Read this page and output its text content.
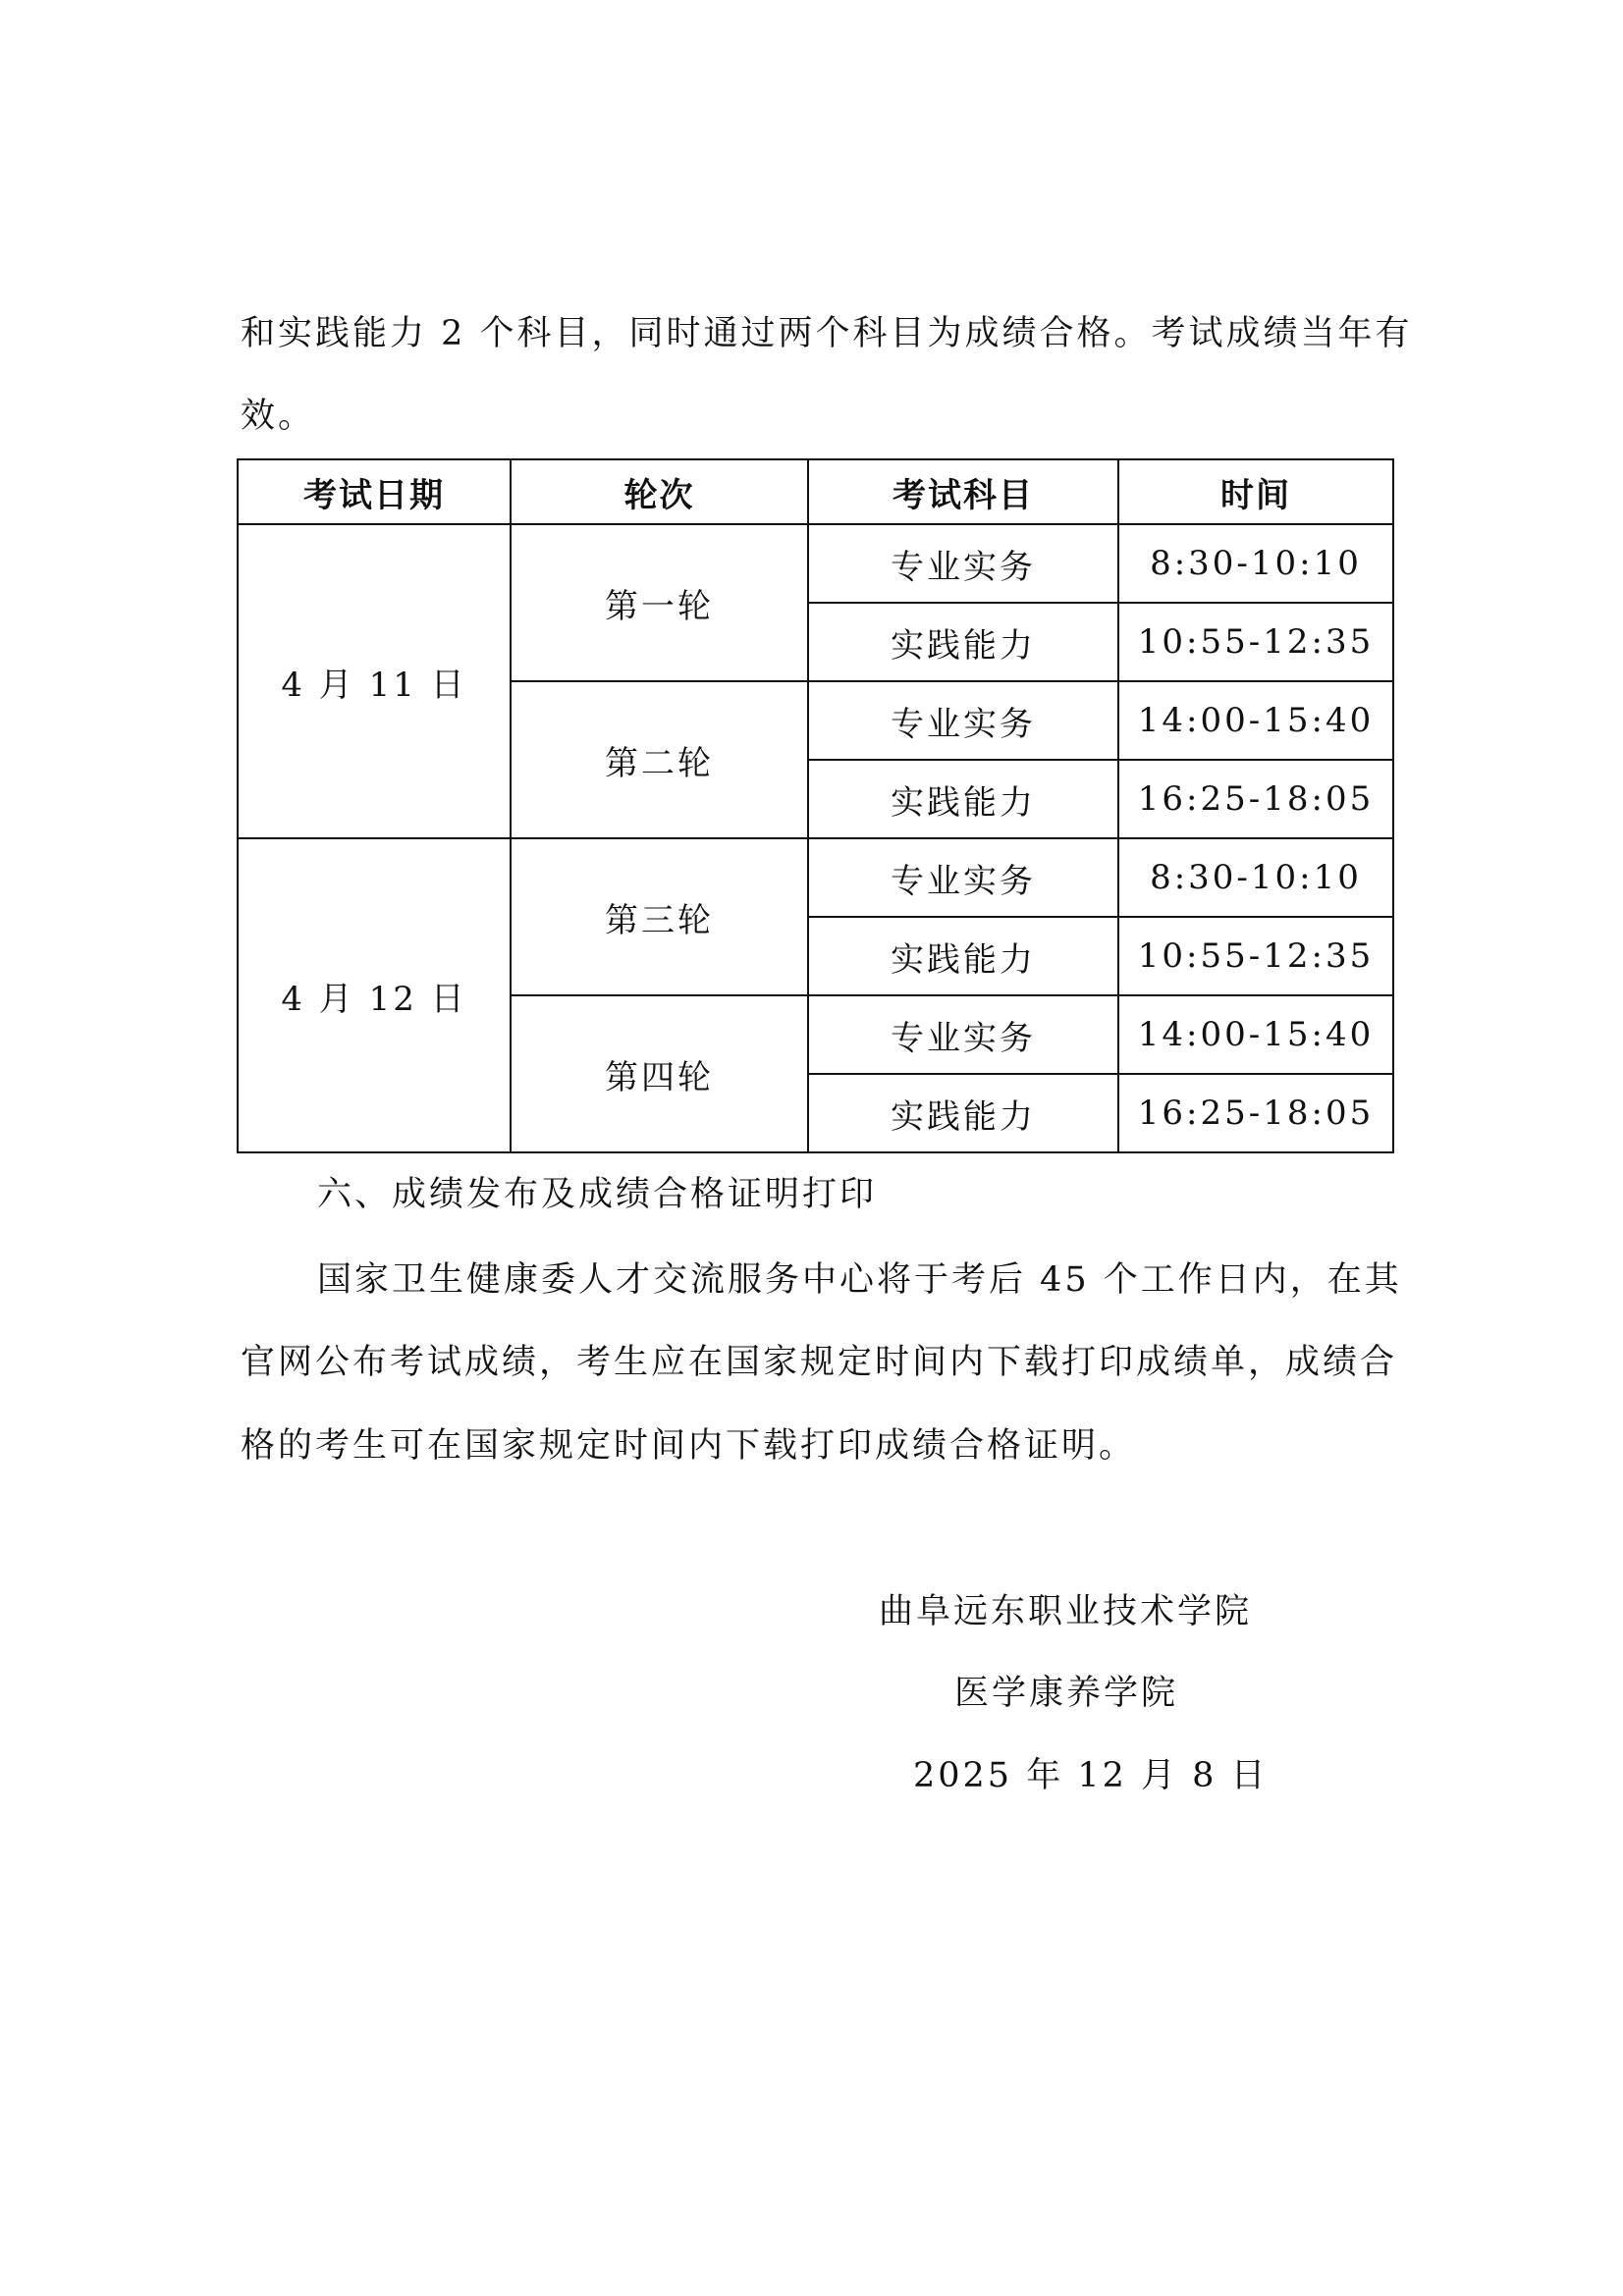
和实践能力 2 个科目，同时通过两个科目为成绩合格。考试成绩当年有
效。
考试日期	轮次	考试科目	时间
4 月 11 日	第一轮	专业实务	8:30-10:10
		实践能力	10:55-12:35
	第二轮	专业实务	14:00-15:40
		实践能力	16:25-18:05
4 月 12 日	第三轮	专业实务	8:30-10:10
		实践能力	10:55-12:35
	第四轮	专业实务	14:00-15:40
		实践能力	16:25-18:05
六、成绩发布及成绩合格证明打印
国家卫生健康委人才交流服务中心将于考后 45 个工作日内，在其
官网公布考试成绩，考生应在国家规定时间内下载打印成绩单，成绩合
格的考生可在国家规定时间内下载打印成绩合格证明。
曲阜远东职业技术学院
医学康养学院
2025 年 12 月 8 日
